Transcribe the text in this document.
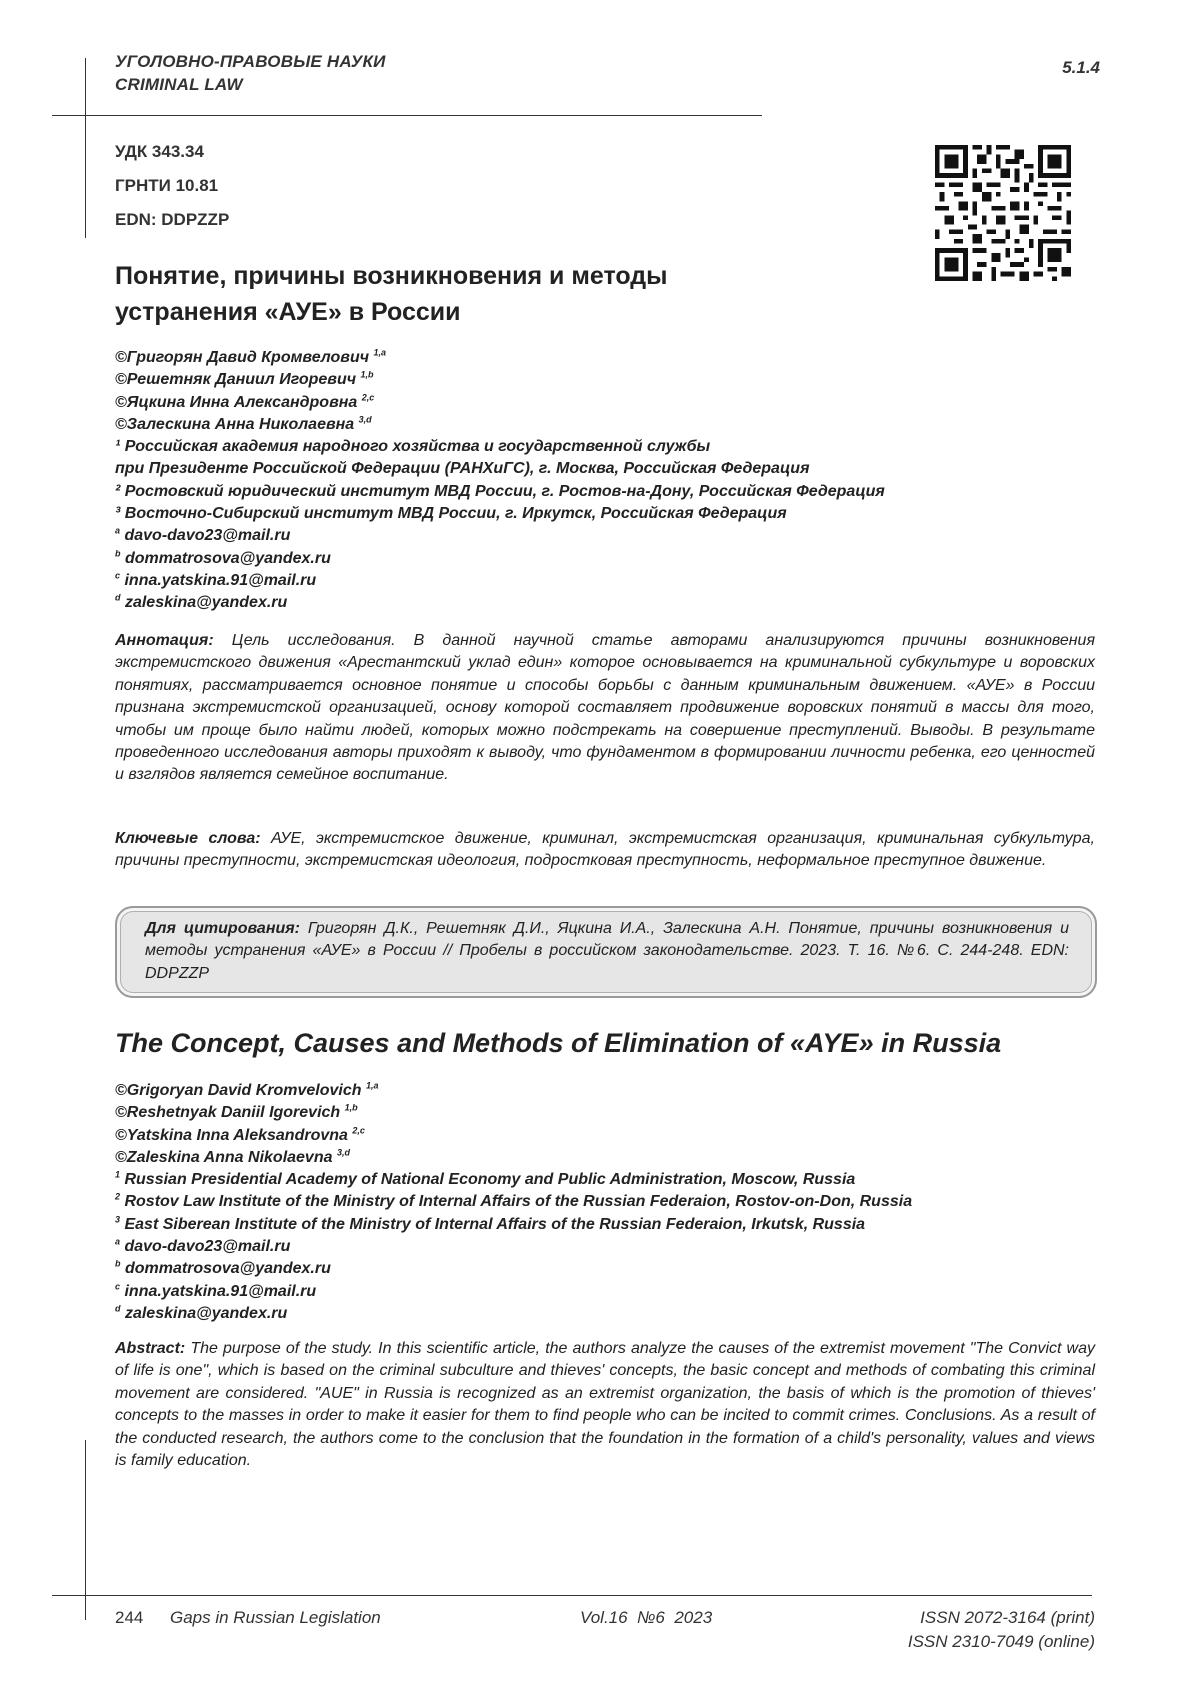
УГОЛОВНО-ПРАВОВЫЕ НАУКИ
CRIMINAL LAW
5.1.4
УДК 343.34
ГРНТИ 10.81
EDN: DDPZZP
Понятие, причины возникновения и методы
устранения «АУЕ» в России
©Григорян Давид Кромвелович $^{1,a}$
©Решетняк Даниил Игоревич $^{1,b}$
©Яцкина Инна Александровна $^{2,c}$
©Залескина Анна Николаевна $^{3,d}$
¹ Российская академия народного хозяйства и государственной службы
при Президенте Российской Федерации (РАНХиГС), г. Москва, Российская Федерация
² Ростовский юридический институт МВД России, г. Ростов-на-Дону, Российская Федерация
³ Восточно-Сибирский институт МВД России, г. Иркутск, Российская Федерация
$^a$ davo-davo23@mail.ru
$^b$ dommatrosova@yandex.ru
$^c$ inna.yatskina.91@mail.ru
$^d$ zaleskina@yandex.ru
Аннотация: Цель исследования. В данной научной статье авторами анализируются причины возникновения экстремистского движения «Арестантский уклад един» которое основывается на криминальной субкультуре и воровских понятиях, рассматривается основное понятие и способы борьбы с данным криминальным движением. «АУЕ» в России признана экстремистской организацией, основу которой составляет продвижение воровских понятий в массы для того, чтобы им проще было найти людей, которых можно подстрекать на совершение преступлений. Выводы. В результате проведенного исследования авторы приходят к выводу, что фундаментом в формировании личности ребенка, его ценностей и взглядов является семейное воспитание.
Ключевые слова: АУЕ, экстремистское движение, криминал, экстремистская организация, криминальная субкультура, причины преступности, экстремистская идеология, подростковая преступность, неформальное преступное движение.
Для цитирования: Григорян Д.К., Решетняк Д.И., Яцкина И.А., Залескина А.Н. Понятие, причины возникновения и методы устранения «АУЕ» в России // Пробелы в российском законодательстве. 2023. Т. 16. №6. С. 244-248. EDN: DDPZZP
The Concept, Causes and Methods of Elimination of «AYE» in Russia
©Grigoryan David Kromvelovich $^{1,a}$
©Reshetnyak Daniil Igorevich $^{1,b}$
©Yatskina Inna Aleksandrovna $^{2,c}$
©Zaleskina Anna Nikolaevna $^{3,d}$
$^1$ Russian Presidential Academy of National Economy and Public Administration, Moscow, Russia
$^2$ Rostov Law Institute of the Ministry of Internal Affairs of the Russian Federaion, Rostov-on-Don, Russia
$^3$ East Siberean Institute of the Ministry of Internal Affairs of the Russian Federaion, Irkutsk, Russia
$^a$ davo-davo23@mail.ru
$^b$ dommatrosova@yandex.ru
$^c$ inna.yatskina.91@mail.ru
$^d$ zaleskina@yandex.ru
Abstract: The purpose of the study. In this scientific article, the authors analyze the causes of the extremist movement "The Convict way of life is one", which is based on the criminal subculture and thieves' concepts, the basic concept and methods of combating this criminal movement are considered. "AUE" in Russia is recognized as an extremist organization, the basis of which is the promotion of thieves' concepts to the masses in order to make it easier for them to find people who can be incited to commit crimes. Conclusions. As a result of the conducted research, the authors come to the conclusion that the foundation in the formation of a child's personality, values and views is family education.
244 Gaps in Russian Legislation	Vol.16  №6  2023	ISSN 2072-3164 (print)
ISSN 2310-7049 (online)
